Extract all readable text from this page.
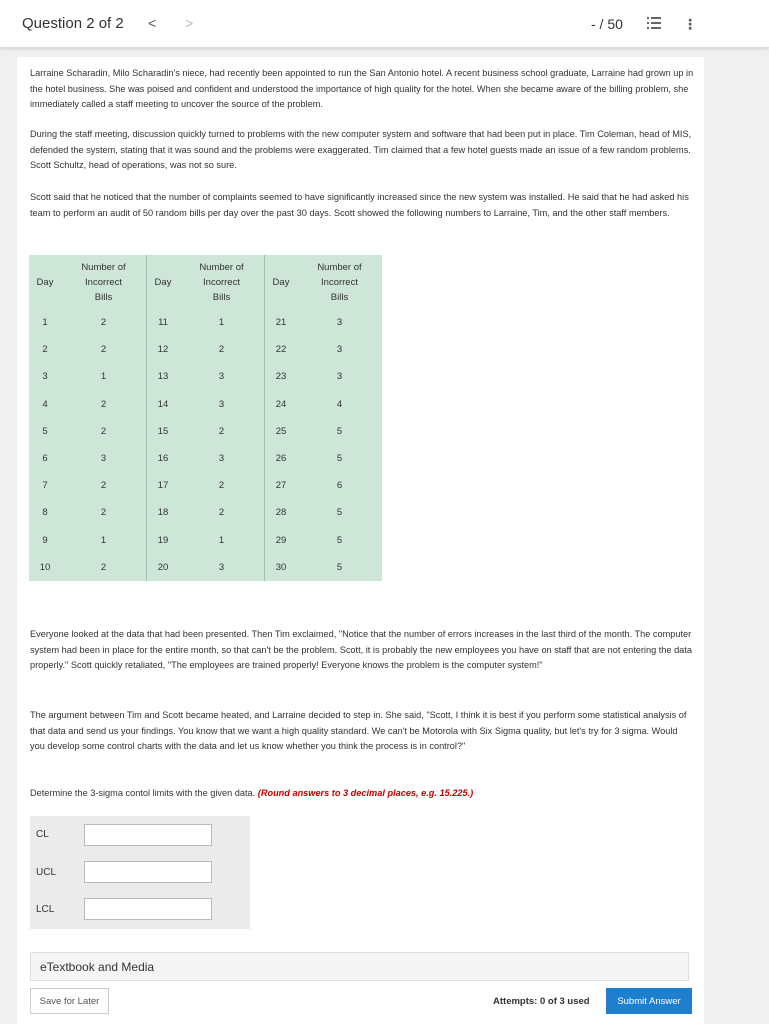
Question 2 of 2 < >	- / 50	⋮

Larraine Scharadin, Milo Scharadin's niece, had recently been appointed to run the San Antonio hotel. A recent business school graduate, Larraine had grown up in the hotel business. She was poised and confident and understood the importance of high quality for the hotel. When she became aware of the billing problem, she immediately called a staff meeting to uncover the source of the problem.

During the staff meeting, discussion quickly turned to problems with the new computer system and software that had been put in place. Tim Coleman, head of MIS, defended the system, stating that it was sound and the problems were exaggerated. Tim claimed that a few hotel guests made an issue of a few random problems. Scott Schultz, head of operations, was not so sure.

Scott said that he noticed that the number of complaints seemed to have significantly increased since the new system was installed. He said that he had asked his team to perform an audit of 50 random bills per day over the past 30 days. Scott showed the following numbers to Larraine, Tim, and the other staff members.

Day	Number of
Incorrect
Bills	Day	Number of
Incorrect
Bills	Day	Number of
Incorrect
Bills
1	2	11	1	21	3
2	2	12	2	22	3
3	1	13	3	23	3
4	2	14	3	24	4
5	2	15	2	25	5
6	3	16	3	26	5
7	2	17	2	27	6
8	2	18	2	28	5
9	1	19	1	29	5
10	2	20	3	30	5

Everyone looked at the data that had been presented. Then Tim exclaimed, "Notice that the number of errors increases in the last third of the month. The computer system had been in place for the entire month, so that can't be the problem. Scott, it is probably the new employees you have on staff that are not entering the data properly." Scott quickly retaliated, "The employees are trained properly! Everyone knows the problem is the computer system!"

The argument between Tim and Scott became heated, and Larraine decided to step in. She said, "Scott, I think it is best if you perform some statistical analysis of that data and send us your findings. You know that we want a high quality standard. We can't be Motorola with Six Sigma quality, but let's try for 3 sigma. Would you develop some control charts with the data and let us know whether you think the process is in control?"

Determine the 3-sigma contol limits with the given data. (Round answers to 3 decimal places, e.g. 15.225.)

CL
UCL
LCL
eTextbook and Media
Save for Later	Attempts: 0 of 3 used	Submit Answer
